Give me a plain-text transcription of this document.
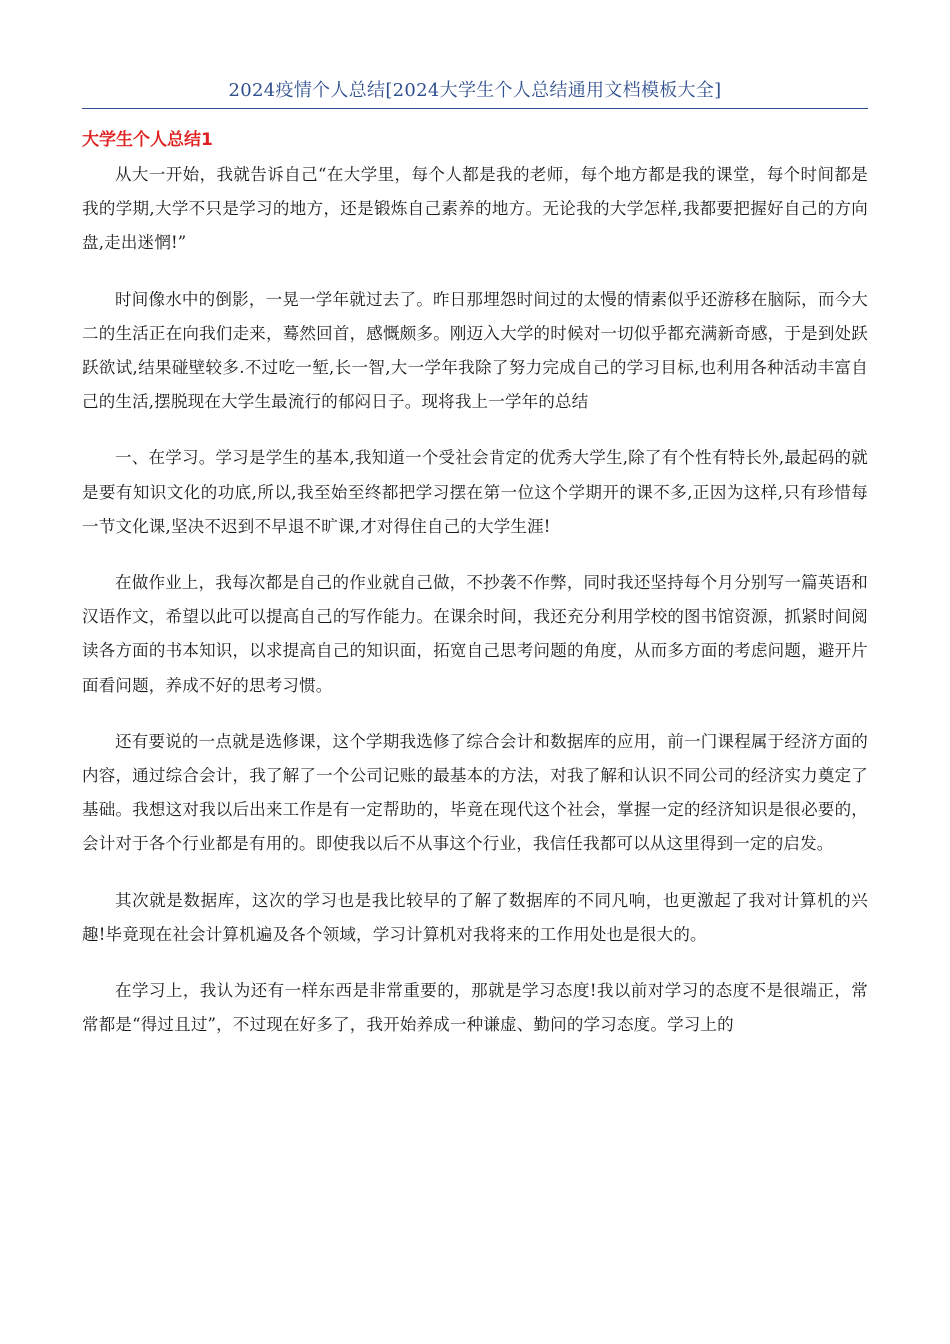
2024疫情个人总结[2024大学生个人总结通用文档模板大全]
大学生个人总结1

从大一开始，我就告诉自己“在大学里，每个人都是我的老师，每个地方都是我的课堂，每个时间都是我的学期,大学不只是学习的地方，还是锻炼自己素养的地方。无论我的大学怎样,我都要把握好自己的方向盘,走出迷惘!”

时间像水中的倒影，一晃一学年就过去了。昨日那埋怨时间过的太慢的情素似乎还游移在脑际，而今大二的生活正在向我们走来，蓦然回首，感慨颇多。刚迈入大学的时候对一切似乎都充满新奇感，于是到处跃跃欲试,结果碰壁较多.不过吃一堑,长一智,大一学年我除了努力完成自己的学习目标,也利用各种活动丰富自己的生活,摆脱现在大学生最流行的郁闷日子。现将我上一学年的总结

一、在学习。学习是学生的基本,我知道一个受社会肯定的优秀大学生,除了有个性有特长外,最起码的就是要有知识文化的功底,所以,我至始至终都把学习摆在第一位这个学期开的课不多,正因为这样,只有珍惜每一节文化课,坚决不迟到不早退不旷课,才对得住自己的大学生涯!

在做作业上，我每次都是自己的作业就自己做，不抄袭不作弊，同时我还坚持每个月分别写一篇英语和汉语作文，希望以此可以提高自己的写作能力。在课余时间，我还充分利用学校的图书馆资源，抓紧时间阅读各方面的书本知识，以求提高自己的知识面，拓宽自己思考问题的角度，从而多方面的考虑问题，避开片面看问题，养成不好的思考习惯。

还有要说的一点就是选修课，这个学期我选修了综合会计和数据库的应用，前一门课程属于经济方面的内容，通过综合会计，我了解了一个公司记账的最基本的方法，对我了解和认识不同公司的经济实力奠定了基础。我想这对我以后出来工作是有一定帮助的，毕竟在现代这个社会，掌握一定的经济知识是很必要的，会计对于各个行业都是有用的。即使我以后不从事这个行业，我信任我都可以从这里得到一定的启发。

其次就是数据库，这次的学习也是我比较早的了解了数据库的不同凡响，也更激起了我对计算机的兴趣!毕竟现在社会计算机遍及各个领域，学习计算机对我将来的工作用处也是很大的。

在学习上，我认为还有一样东西是非常重要的，那就是学习态度!我以前对学习的态度不是很端正，常常都是“得过且过”，不过现在好多了，我开始养成一种谦虚、勤问的学习态度。学习上的
